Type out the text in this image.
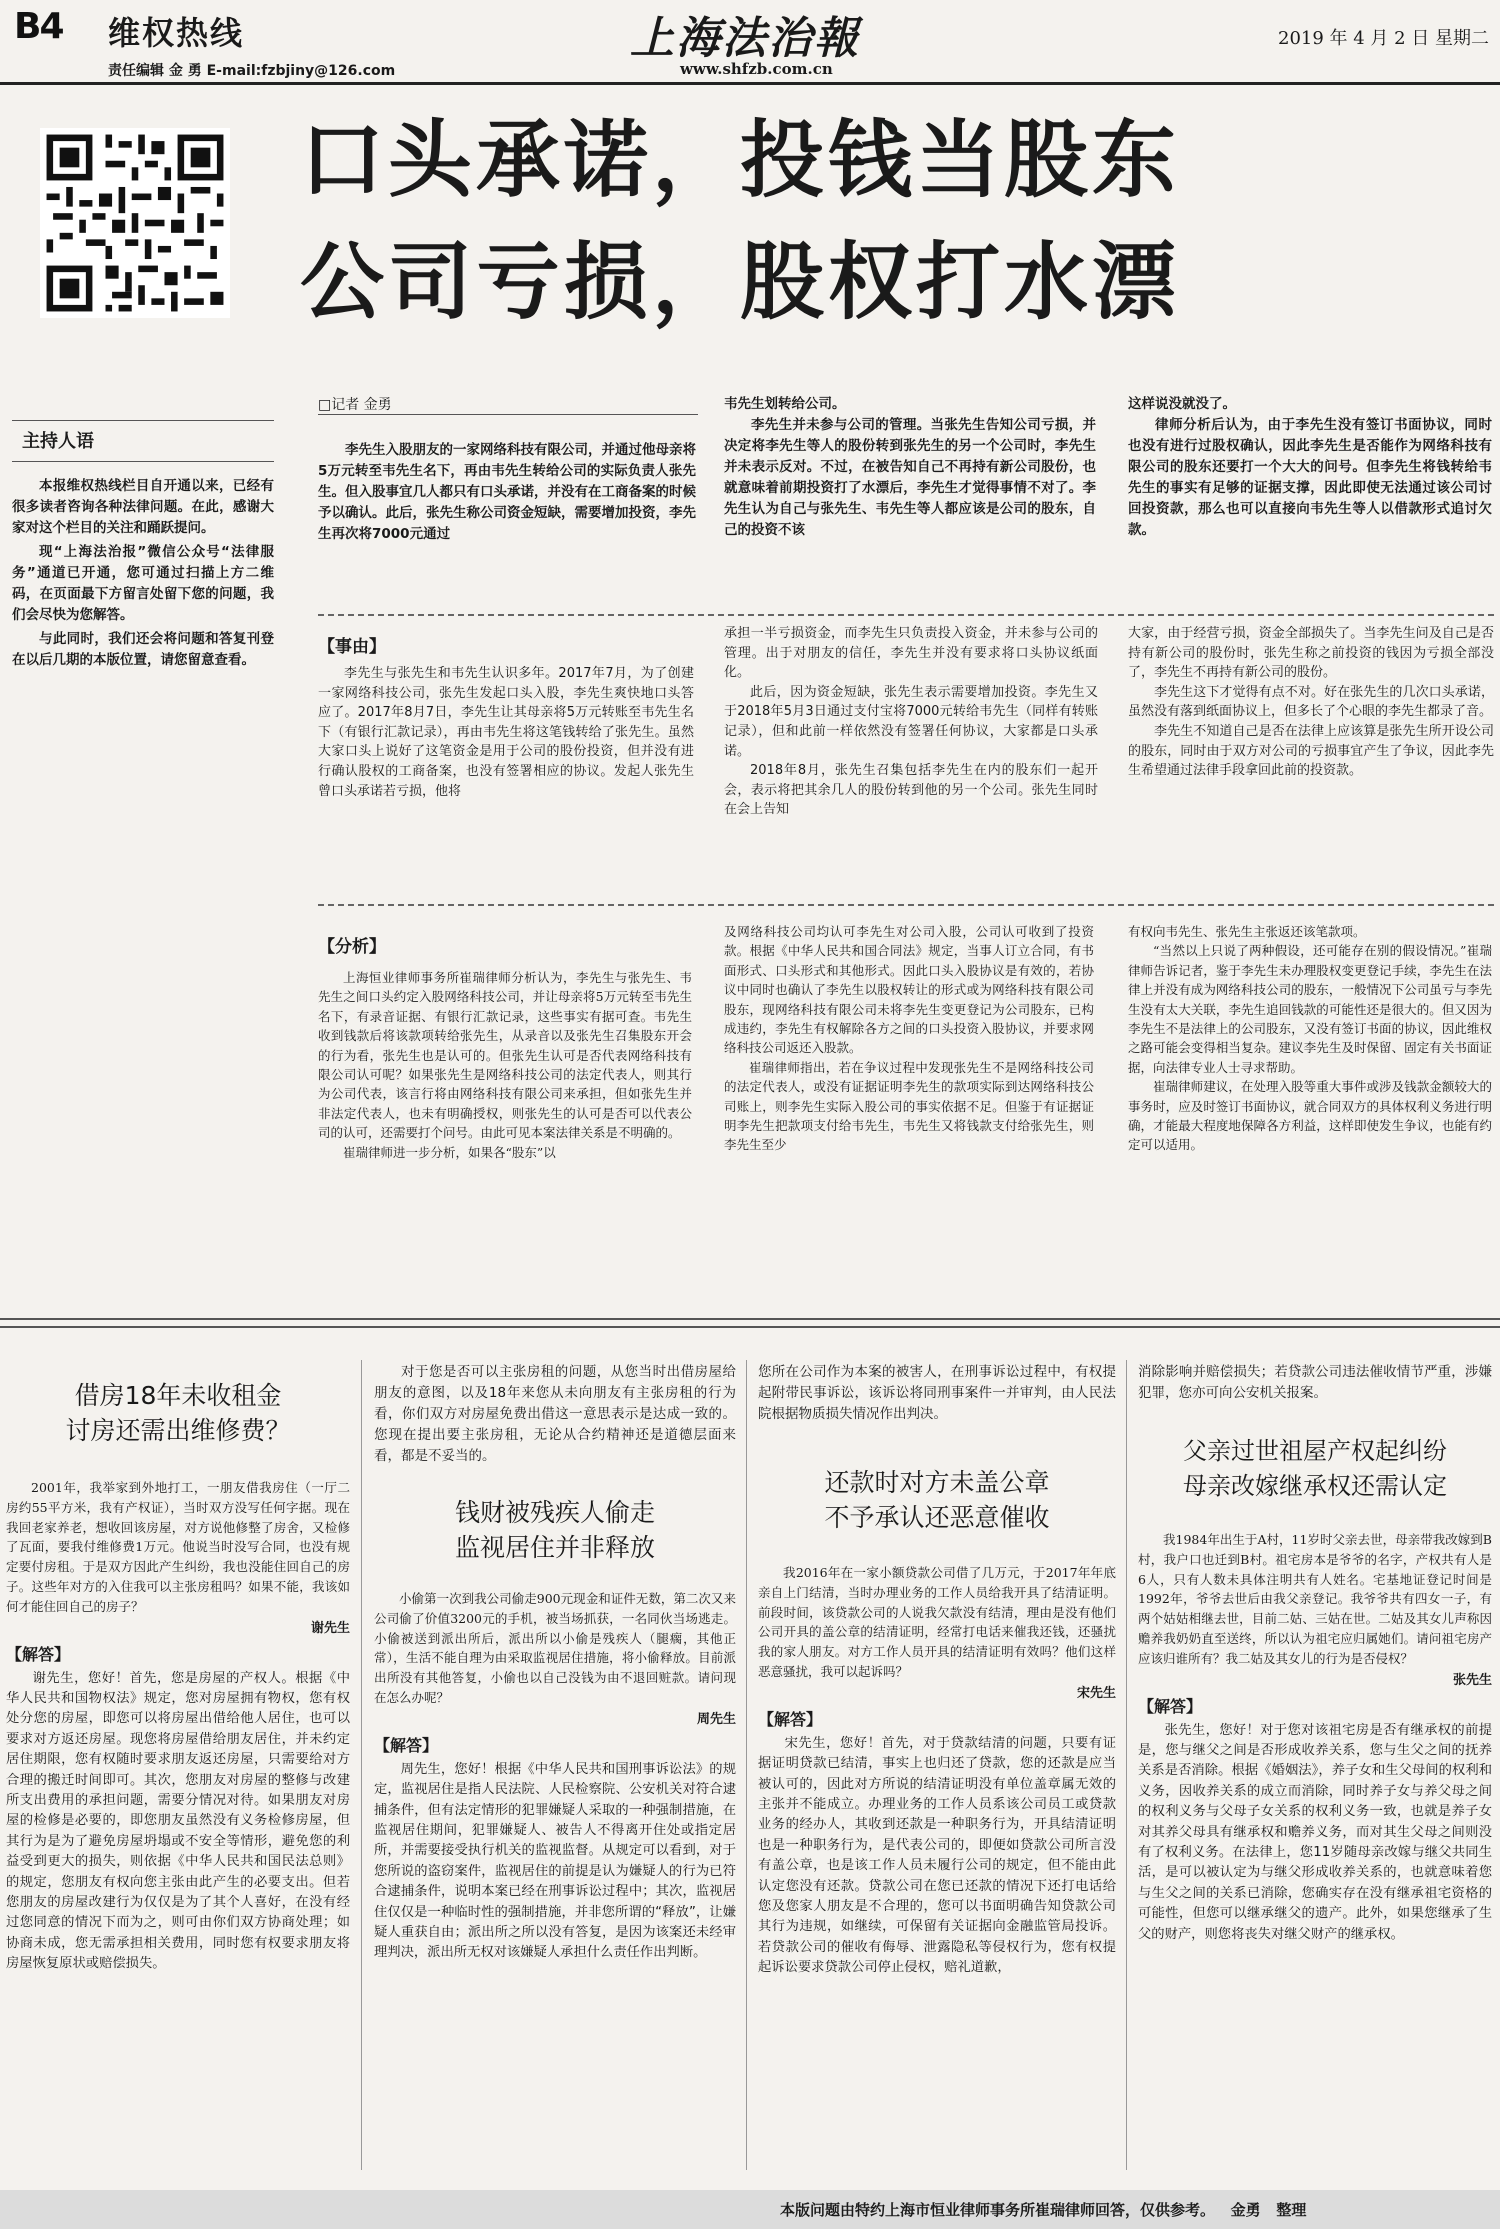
B4 维权热线
责任编辑 金 勇 E-mail:fzbjiny@126.com
上海法治報
www.shfzb.com.cn
2019 年 4 月 2 日 星期二
口头承诺，投钱当股东
公司亏损，股权打水漂
主持人语

本报维权热线栏目自开通以来，已经有很多读者咨询各种法律问题。在此，感谢大家对这个栏目的关注和踊跃提问。

现“上海法治报”微信公众号“法律服务”通道已开通，您可通过扫描上方二维码，在页面最下方留言处留下您的问题，我们会尽快为您解答。

与此同时，我们还会将问题和答复刊登在以后几期的本版位置，请您留意查看。

□记者 金勇

李先生入股朋友的一家网络科技有限公司，并通过他母亲将5万元转至韦先生名下，再由韦先生转给公司的实际负责人张先生。但入股事宜几人都只有口头承诺，并没有在工商备案的时候予以确认。此后，张先生称公司资金短缺，需要增加投资，李先生再次将7000元通过

韦先生划转给公司。

李先生并未参与公司的管理。当张先生告知公司亏损，并决定将李先生等人的股份转到张先生的另一个公司时，李先生并未表示反对。不过，在被告知自己不再持有新公司股份，也就意味着前期投资打了水漂后，李先生才觉得事情不对了。李先生认为自己与张先生、韦先生等人都应该是公司的股东，自己的投资不该

这样说没就没了。

律师分析后认为，由于李先生没有签订书面协议，同时也没有进行过股权确认，因此李先生是否能作为网络科技有限公司的股东还要打一个大大的问号。但李先生将钱转给韦先生的事实有足够的证据支撑，因此即使无法通过该公司讨回投资款，那么也可以直接向韦先生等人以借款形式追讨欠款。

【事由】

李先生与张先生和韦先生认识多年。2017年7月，为了创建一家网络科技公司，张先生发起口头入股，李先生爽快地口头答应了。2017年8月7日，李先生让其母亲将5万元转账至韦先生名下（有银行汇款记录），再由韦先生将这笔钱转给了张先生。虽然大家口头上说好了这笔资金是用于公司的股份投资，但并没有进行确认股权的工商备案，也没有签署相应的协议。发起人张先生曾口头承诺若亏损，他将

承担一半亏损资金，而李先生只负责投入资金，并未参与公司的管理。出于对朋友的信任，李先生并没有要求将口头协议纸面化。

此后，因为资金短缺，张先生表示需要增加投资。李先生又于2018年5月3日通过支付宝将7000元转给韦先生（同样有转账记录），但和此前一样依然没有签署任何协议，大家都是口头承诺。

2018年8月，张先生召集包括李先生在内的股东们一起开会，表示将把其余几人的股份转到他的另一个公司。张先生同时在会上告知

大家，由于经营亏损，资金全部损失了。当李先生问及自己是否持有新公司的股份时，张先生称之前投资的钱因为亏损全部没了，李先生不再持有新公司的股份。

李先生这下才觉得有点不对。好在张先生的几次口头承诺，虽然没有落到纸面协议上，但多长了个心眼的李先生都录了音。

李先生不知道自己是否在法律上应该算是张先生所开设公司的股东，同时由于双方对公司的亏损事宜产生了争议，因此李先生希望通过法律手段拿回此前的投资款。

【分析】

上海恒业律师事务所崔瑞律师分析认为，李先生与张先生、韦先生之间口头约定入股网络科技公司，并让母亲将5万元转至韦先生名下，有录音证据、有银行汇款记录，这些事实有据可查。韦先生收到钱款后将该款项转给张先生，从录音以及张先生召集股东开会的行为看，张先生也是认可的。但张先生认可是否代表网络科技有限公司认可呢？如果张先生是网络科技公司的法定代表人，则其行为公司代表，该言行将由网络科技有限公司来承担，但如张先生并非法定代表人，也未有明确授权，则张先生的认可是否可以代表公司的认可，还需要打个问号。由此可见本案法律关系是不明确的。

崔瑞律师进一步分析，如果各“股东”以

及网络科技公司均认可李先生对公司入股，公司认可收到了投资款。根据《中华人民共和国合同法》规定，当事人订立合同，有书面形式、口头形式和其他形式。因此口头入股协议是有效的，若协议中同时也确认了李先生以股权转让的形式或为网络科技有限公司股东，现网络科技有限公司未将李先生变更登记为公司股东，已构成违约，李先生有权解除各方之间的口头投资入股协议，并要求网络科技公司返还入股款。

崔瑞律师指出，若在争议过程中发现张先生不是网络科技公司的法定代表人，或没有证据证明李先生的款项实际到达网络科技公司账上，则李先生实际入股公司的事实依据不足。但鉴于有证据证明李先生把款项支付给韦先生，韦先生又将钱款支付给张先生，则李先生至少

有权向韦先生、张先生主张返还该笔款项。

“当然以上只说了两种假设，还可能存在别的假设情况。”崔瑞律师告诉记者，鉴于李先生未办理股权变更登记手续，李先生在法律上并没有成为网络科技公司的股东，一般情况下公司虽亏与李先生没有太大关联，李先生追回钱款的可能性还是很大的。但又因为李先生不是法律上的公司股东，又没有签订书面的协议，因此维权之路可能会变得相当复杂。建议李先生及时保留、固定有关书面证据，向法律专业人士寻求帮助。

崔瑞律师建议，在处理入股等重大事件或涉及钱款金额较大的事务时，应及时签订书面协议，就合同双方的具体权利义务进行明确，才能最大程度地保障各方利益，这样即使发生争议，也能有约定可以适用。

借房18年未收租金
讨房还需出维修费？

2001年，我举家到外地打工，一朋友借我房住（一厅二房约55平方米，我有产权证），当时双方没写任何字据。现在我回老家养老，想收回该房屋，对方说他修整了房舍，又检修了瓦面，要我付维修费1万元。他说当时没写合同，也没有规定要付房租。于是双方因此产生纠纷，我也没能住回自己的房子。这些年对方的入住我可以主张房租吗？如果不能，我该如何才能住回自己的房子？

谢先生
【解答】

谢先生，您好！首先，您是房屋的产权人。根据《中华人民共和国物权法》规定，您对房屋拥有物权，您有权处分您的房屋，即您可以将房屋出借给他人居住，也可以要求对方返还房屋。现您将房屋借给朋友居住，并未约定居住期限，您有权随时要求朋友返还房屋，只需要给对方合理的搬迁时间即可。其次，您朋友对房屋的整修与改建所支出费用的承担问题，需要分情况对待。如果朋友对房屋的检修是必要的，即您朋友虽然没有义务检修房屋，但其行为是为了避免房屋坍塌或不安全等情形，避免您的利益受到更大的损失，则依据《中华人民共和国民法总则》的规定，您朋友有权向您主张由此产生的必要支出。但若您朋友的房屋改建行为仅仅是为了其个人喜好，在没有经过您同意的情况下而为之，则可由你们双方协商处理；如协商未成，您无需承担相关费用，同时您有权要求朋友将房屋恢复原状或赔偿损失。

对于您是否可以主张房租的问题，从您当时出借房屋给朋友的意图，以及18年来您从未向朋友有主张房租的行为看，你们双方对房屋免费出借这一意思表示是达成一致的。您现在提出要主张房租，无论从合约精神还是道德层面来看，都是不妥当的。

钱财被残疾人偷走
监视居住并非释放

小偷第一次到我公司偷走900元现金和证件无数，第二次又来公司偷了价值3200元的手机，被当场抓获，一名同伙当场逃走。小偷被送到派出所后，派出所以小偷是残疾人（腿瘸，其他正常），生活不能自理为由采取监视居住措施，将小偷释放。目前派出所没有其他答复，小偷也以自己没钱为由不退回赃款。请问现在怎么办呢？

周先生
【解答】

周先生，您好！根据《中华人民共和国刑事诉讼法》的规定，监视居住是指人民法院、人民检察院、公安机关对符合逮捕条件，但有法定情形的犯罪嫌疑人采取的一种强制措施，在监视居住期间，犯罪嫌疑人、被告人不得离开住处或指定居所，并需要接受执行机关的监视监督。从规定可以看到，对于您所说的盗窃案件，监视居住的前提是认为嫌疑人的行为已符合逮捕条件，说明本案已经在刑事诉讼过程中；其次，监视居住仅仅是一种临时性的强制措施，并非您所谓的“释放”，让嫌疑人重获自由；派出所之所以没有答复，是因为该案还未经审理判决，派出所无权对该嫌疑人承担什么责任作出判断。

您所在公司作为本案的被害人，在刑事诉讼过程中，有权提起附带民事诉讼，该诉讼将同刑事案件一并审判，由人民法院根据物质损失情况作出判决。

还款时对方未盖公章
不予承认还恶意催收

我2016年在一家小额贷款公司借了几万元，于2017年年底亲自上门结清，当时办理业务的工作人员给我开具了结清证明。前段时间，该贷款公司的人说我欠款没有结清，理由是没有他们公司开具的盖公章的结清证明，经常打电话来催我还钱，还骚扰我的家人朋友。对方工作人员开具的结清证明有效吗？他们这样恶意骚扰，我可以起诉吗？

宋先生
【解答】

宋先生，您好！首先，对于贷款结清的问题，只要有证据证明贷款已结清，事实上也归还了贷款，您的还款是应当被认可的，因此对方所说的结清证明没有单位盖章属无效的主张并不能成立。办理业务的工作人员系该公司员工或贷款业务的经办人，其收到还款是一种职务行为，开具结清证明也是一种职务行为，是代表公司的，即便如贷款公司所言没有盖公章，也是该工作人员未履行公司的规定，但不能由此认定您没有还款。贷款公司在您已还款的情况下还打电话给您及您家人朋友是不合理的，您可以书面明确告知贷款公司其行为违规，如继续，可保留有关证据向金融监管局投诉。若贷款公司的催收有侮辱、泄露隐私等侵权行为，您有权提起诉讼要求贷款公司停止侵权，赔礼道歉，

消除影响并赔偿损失；若贷款公司违法催收情节严重，涉嫌犯罪，您亦可向公安机关报案。

父亲过世祖屋产权起纠纷
母亲改嫁继承权还需认定

我1984年出生于A村，11岁时父亲去世，母亲带我改嫁到B村，我户口也迁到B村。祖宅房本是爷爷的名字，产权共有人是6人，只有人数未具体注明共有人姓名。宅基地证登记时间是1992年，爷爷去世后由我父亲登记。我爷爷共有四女一子，有两个姑姑相继去世，目前二姑、三姑在世。二姑及其女儿声称因赡养我奶奶直至送终，所以认为祖宅应归属她们。请问祖宅房产应该归谁所有？我二姑及其女儿的行为是否侵权？

张先生
【解答】

张先生，您好！对于您对该祖宅房是否有继承权的前提是，您与继父之间是否形成收养关系，您与生父之间的抚养关系是否消除。根据《婚姻法》，养子女和生父母间的权利和义务，因收养关系的成立而消除，同时养子女与养父母之间的权利义务与父母子女关系的权利义务一致，也就是养子女对其养父母具有继承权和赡养义务，而对其生父母之间则没有了权利义务。在法律上，您11岁随母亲改嫁与继父共同生活，是可以被认定为与继父形成收养关系的，也就意味着您与生父之间的关系已消除，您确实存在没有继承祖宅资格的可能性，但您可以继承继父的遗产。此外，如果您继承了生父的财产，则您将丧失对继父财产的继承权。

本版问题由特约上海市恒业律师事务所崔瑞律师回答，仅供参考。   金勇   整理
